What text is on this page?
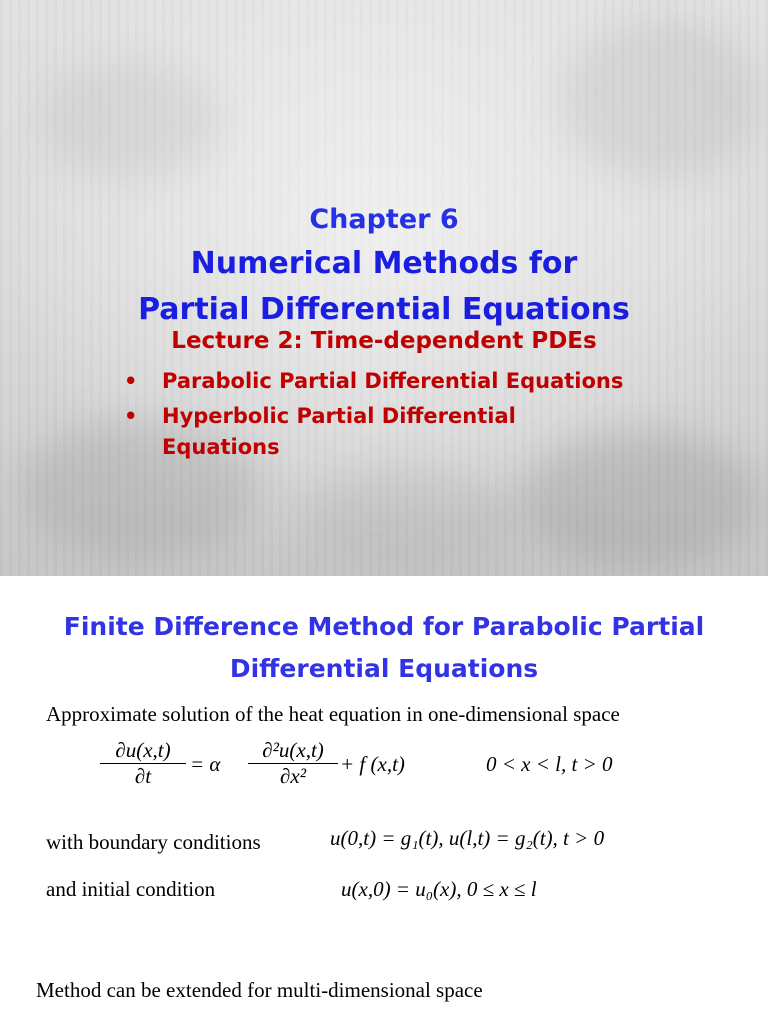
Chapter 6
Numerical Methods for
Partial Differential Equations
Lecture 2: Time-dependent PDEs
• Parabolic Partial Differential Equations
• Hyperbolic Partial Differential
Equations
Finite Difference Method for Parabolic Partial
Differential Equations
Approximate solution of the heat equation in one-dimensional space
∂u(x,t)
∂t	= α
∂²u(x,t)
∂x²	+ f (x,t)	0 < x < l, t > 0
with boundary conditions	u(0,t) = g₁(t), u(l,t) = g₂(t), t > 0
and initial condition	u(x,0) = u₀(x), 0 ≤ x ≤ l
Method can be extended for multi-dimensional space
